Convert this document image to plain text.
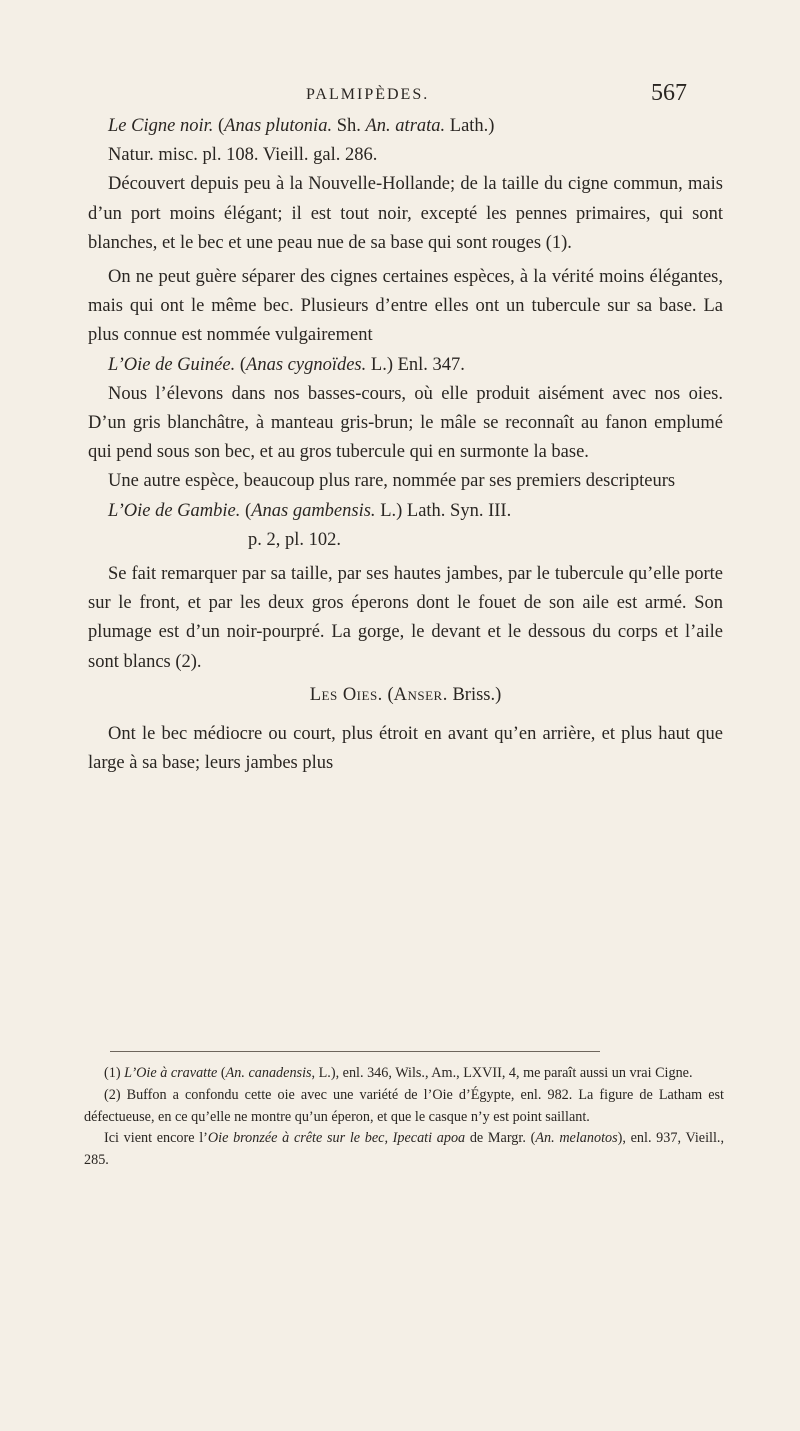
PALMIPÈDES.	567

Le Cigne noir. (Anas plutonia. Sh. An. atrata. Lath.)
Natur. misc. pl. 108. Vieill. gal. 286.

Découvert depuis peu à la Nouvelle-Hollande; de la taille du cigne commun, mais d’un port moins élégant; il est tout noir, excepté les pennes primaires, qui sont blanches, et le bec et une peau nue de sa base qui sont rouges (1).

On ne peut guère séparer des cignes certaines espèces, à la vérité moins élégantes, mais qui ont le même bec. Plusieurs d’entre elles ont un tubercule sur sa base. La plus connue est nommée vulgairement

L’Oie de Guinée. (Anas cygnoïdes. L.) Enl. 347.

Nous l’élevons dans nos basses-cours, où elle produit aisément avec nos oies. D’un gris blanchâtre, à manteau gris-brun; le mâle se reconnaît au fanon emplumé qui pend sous son bec, et au gros tubercule qui en surmonte la base.

Une autre espèce, beaucoup plus rare, nommée par ses premiers descripteurs

L’Oie de Gambie. (Anas gambensis. L.) Lath. Syn. III.
p. 2, pl. 102.

Se fait remarquer par sa taille, par ses hautes jambes, par le tubercule qu’elle porte sur le front, et par les deux gros éperons dont le fouet de son aile est armé. Son plumage est d’un noir-pourpré. La gorge, le devant et le dessous du corps et l’aile sont blancs (2).

Les Oies. (Anser. Briss.)

Ont le bec médiocre ou court, plus étroit en avant qu’en arrière, et plus haut que large à sa base; leurs jambes plus

(1) L’Oie à cravatte (An. canadensis, L.), enl. 346, Wils., Am., LXVII, 4, me paraît aussi un vrai Cigne.

(2) Buffon a confondu cette oie avec une variété de l’Oie d’Égypte, enl. 982. La figure de Latham est défectueuse, en ce qu’elle ne montre qu’un éperon, et que le casque n’y est point saillant.

Ici vient encore l’Oie bronzée à crête sur le bec, Ipecati apoa de Margr. (An. melanotos), enl. 937, Vieill., 285.
